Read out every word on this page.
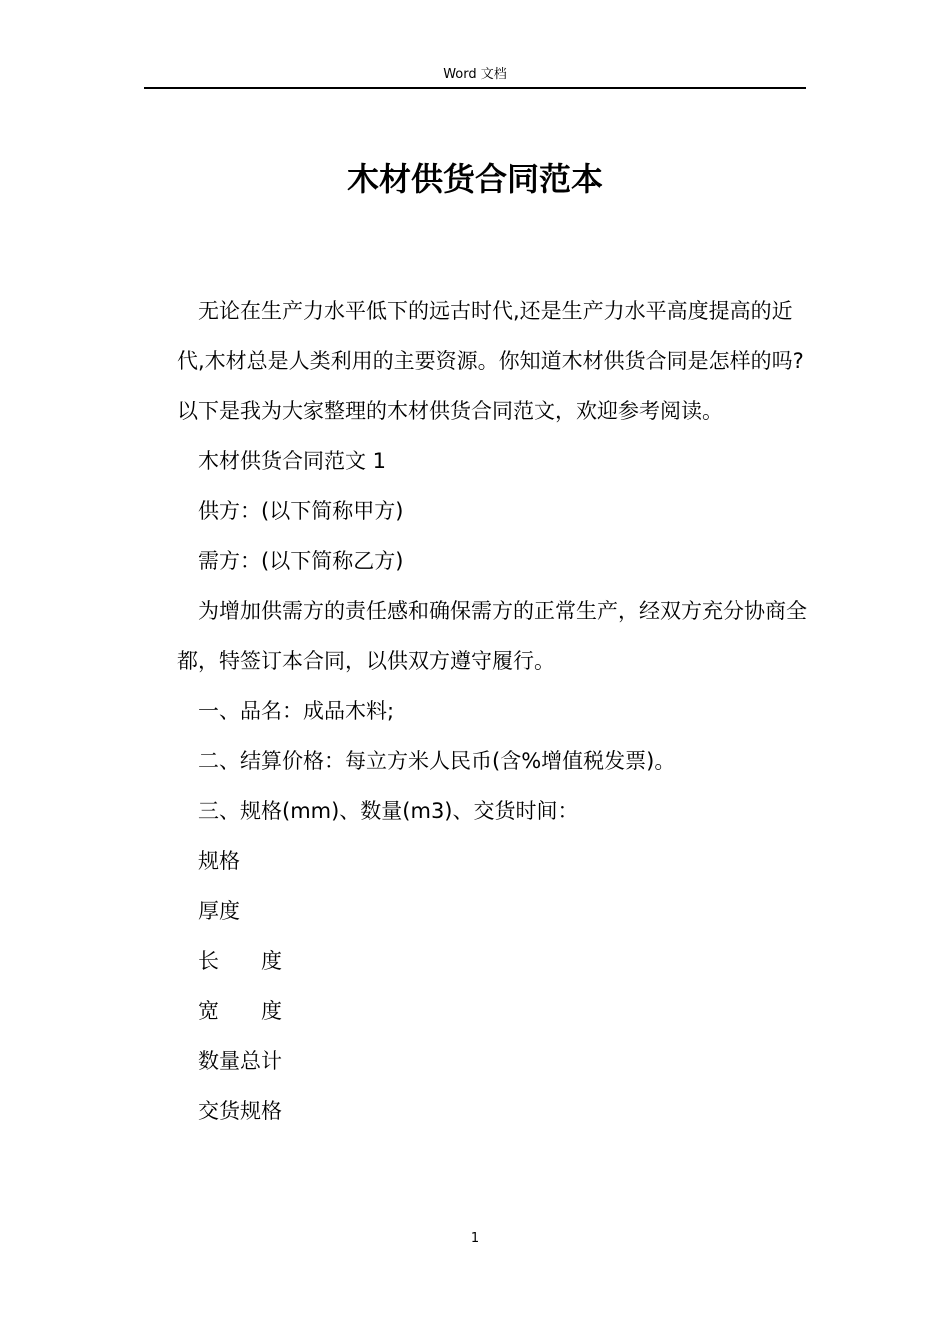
Word 文档
木材供货合同范本

无论在生产力水平低下的远古时代,还是生产力水平高度提高的近代,木材总是人类利用的主要资源。你知道木材供货合同是怎样的吗?以下是我为大家整理的木材供货合同范文，欢迎参考阅读。

木材供货合同范文 1

供方：(以下简称甲方)

需方：(以下简称乙方)

为增加供需方的责任感和确保需方的正常生产，经双方充分协商全都，特签订本合同，以供双方遵守履行。

一、品名：成品木料;

二、结算价格：每立方米人民币(含%增值税发票)。

三、规格(mm)、数量(m3)、交货时间：

规格

厚度

长　　度

宽　　度

数量总计

交货规格

1
